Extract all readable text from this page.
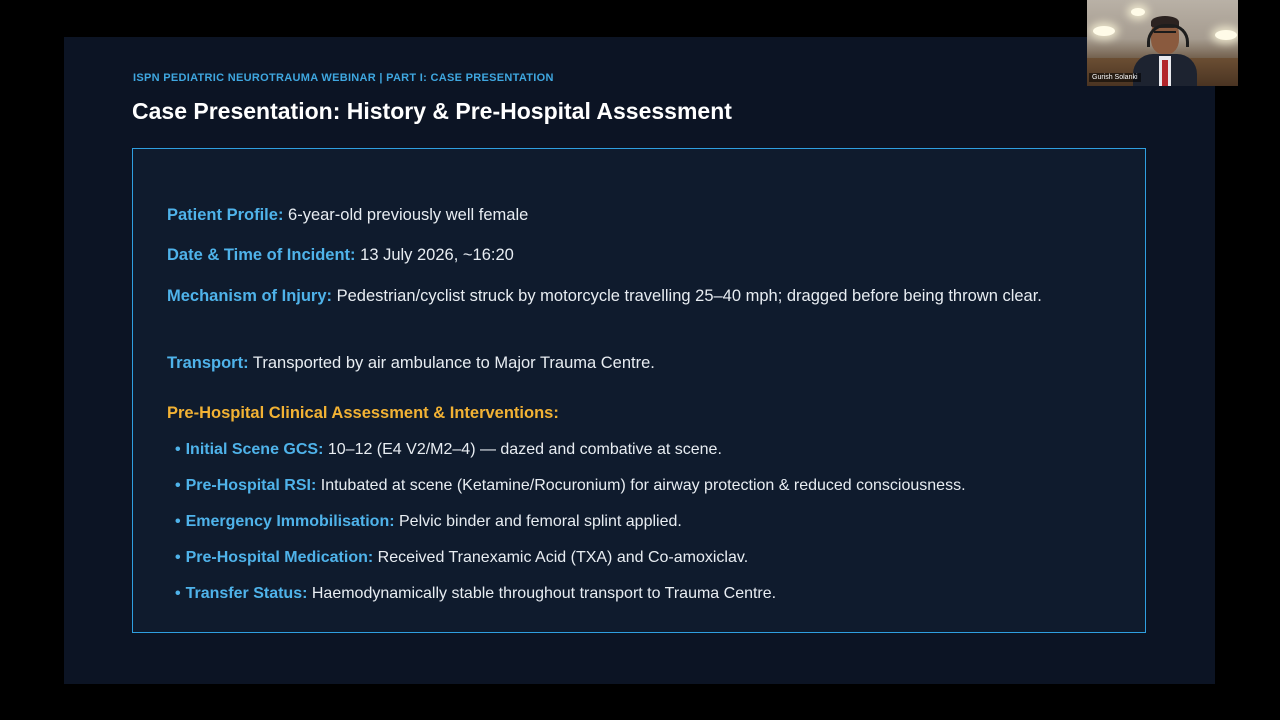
ISPN PEDIATRIC NEUROTRAUMA WEBINAR | PART I: CASE PRESENTATION
Case Presentation: History & Pre-Hospital Assessment
Patient Profile: 6-year-old previously well female
Date & Time of Incident: 13 July 2026, ~16:20
Mechanism of Injury: Pedestrian/cyclist struck by motorcycle travelling 25–40 mph; dragged before being thrown clear.
Transport: Transported by air ambulance to Major Trauma Centre.
Pre-Hospital Clinical Assessment & Interventions:
• Initial Scene GCS: 10–12 (E4 V2/M2–4) — dazed and combative at scene.
• Pre-Hospital RSI: Intubated at scene (Ketamine/Rocuronium) for airway protection & reduced consciousness.
• Emergency Immobilisation: Pelvic binder and femoral splint applied.
• Pre-Hospital Medication: Received Tranexamic Acid (TXA) and Co-amoxiclav.
• Transfer Status: Haemodynamically stable throughout transport to Trauma Centre.
Gurish Solanki
